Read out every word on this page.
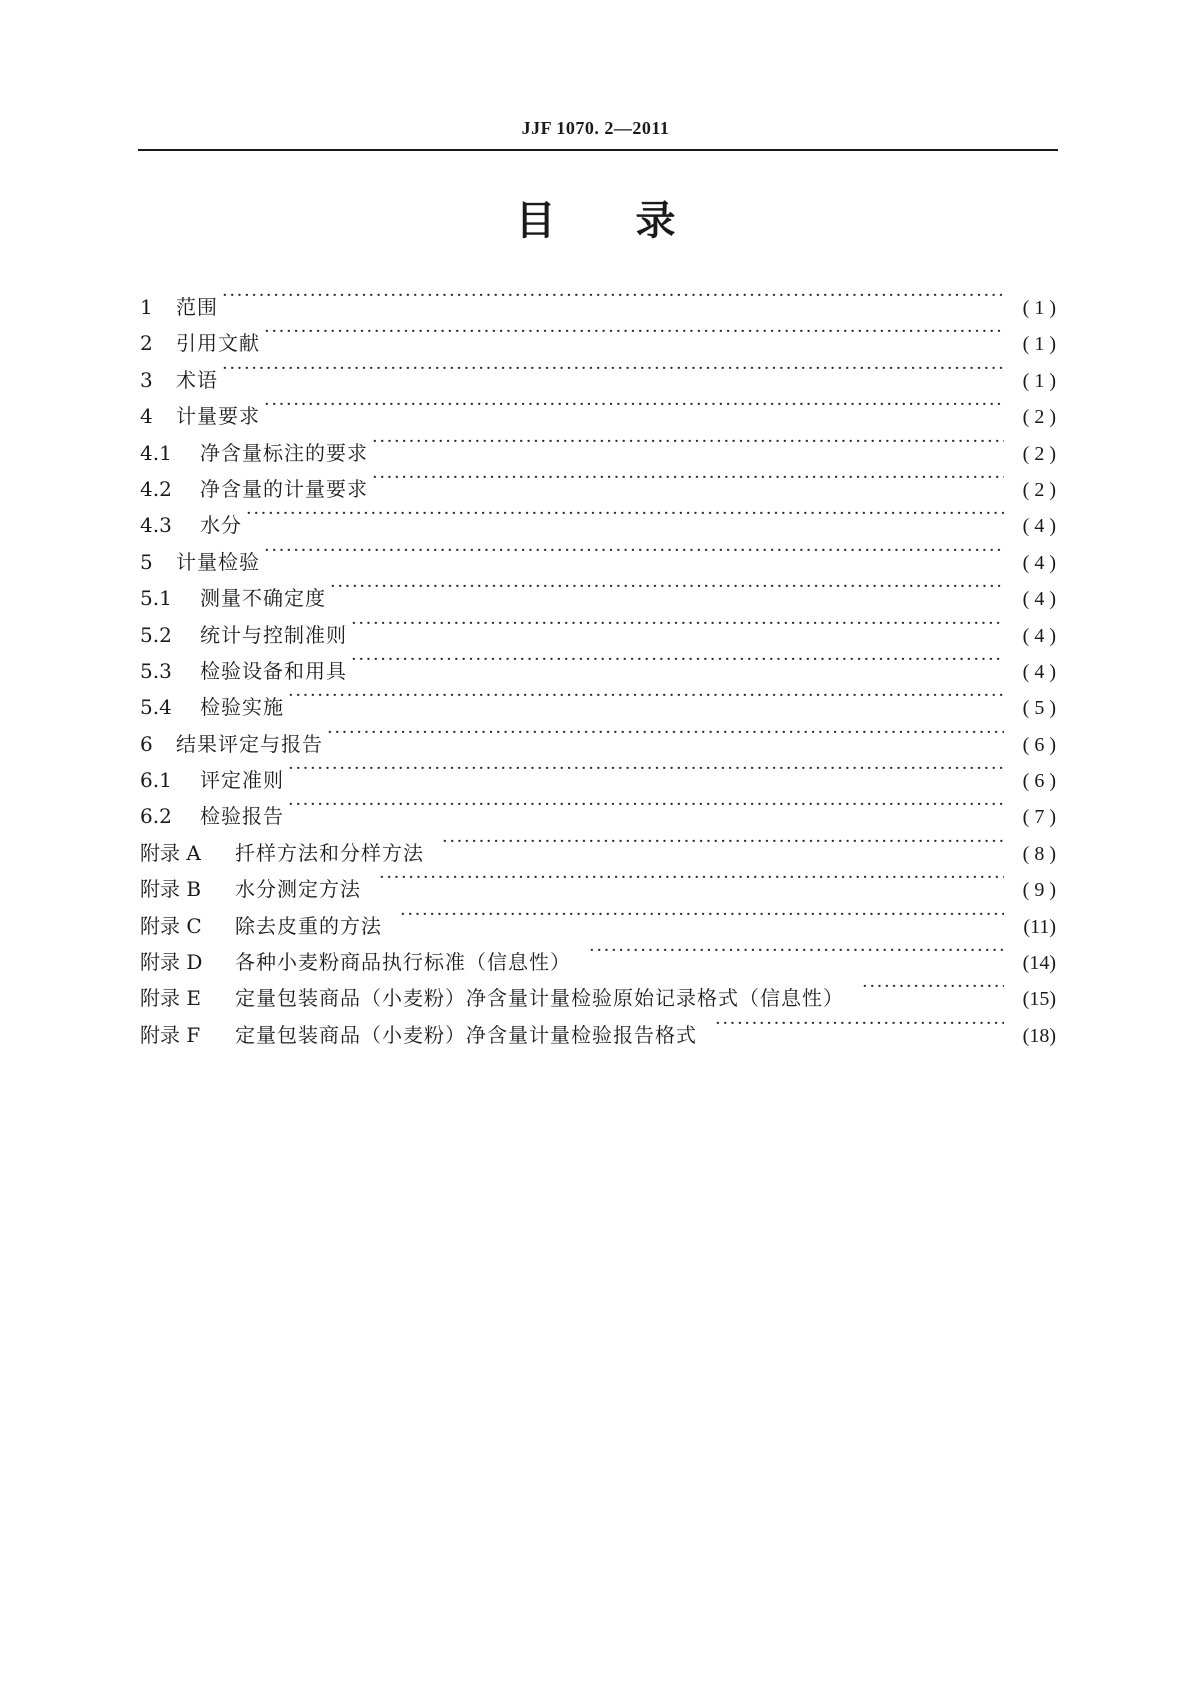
JJF 1070. 2—2011
目 录
1	范围 ·····	( 1 )
2	引用文献 ·····	( 1 )
3	术语 ·····	( 1 )
4	计量要求 ·····	( 2 )
4.1	净含量标注的要求 ·····	( 2 )
4.2	净含量的计量要求 ·····	( 2 )
4.3	水分 ·····	( 4 )
5	计量检验 ·····	( 4 )
5.1	测量不确定度 ·····	( 4 )
5.2	统计与控制准则 ·····	( 4 )
5.3	检验设备和用具 ·····	( 4 )
5.4	检验实施 ·····	( 5 )
6	结果评定与报告 ·····	( 6 )
6.1	评定准则 ·····	( 6 )
6.2	检验报告 ·····	( 7 )
附录 A	扦样方法和分样方法 ·····	( 8 )
附录 B	水分测定方法 ·····	( 9 )
附录 C	除去皮重的方法 ·····	(11)
附录 D	各种小麦粉商品执行标准（信息性） ·····	(14)
附录 E	定量包装商品（小麦粉）净含量计量检验原始记录格式（信息性） ·····	(15)
附录 F	定量包装商品（小麦粉）净含量计量检验报告格式 ·····	(18)
